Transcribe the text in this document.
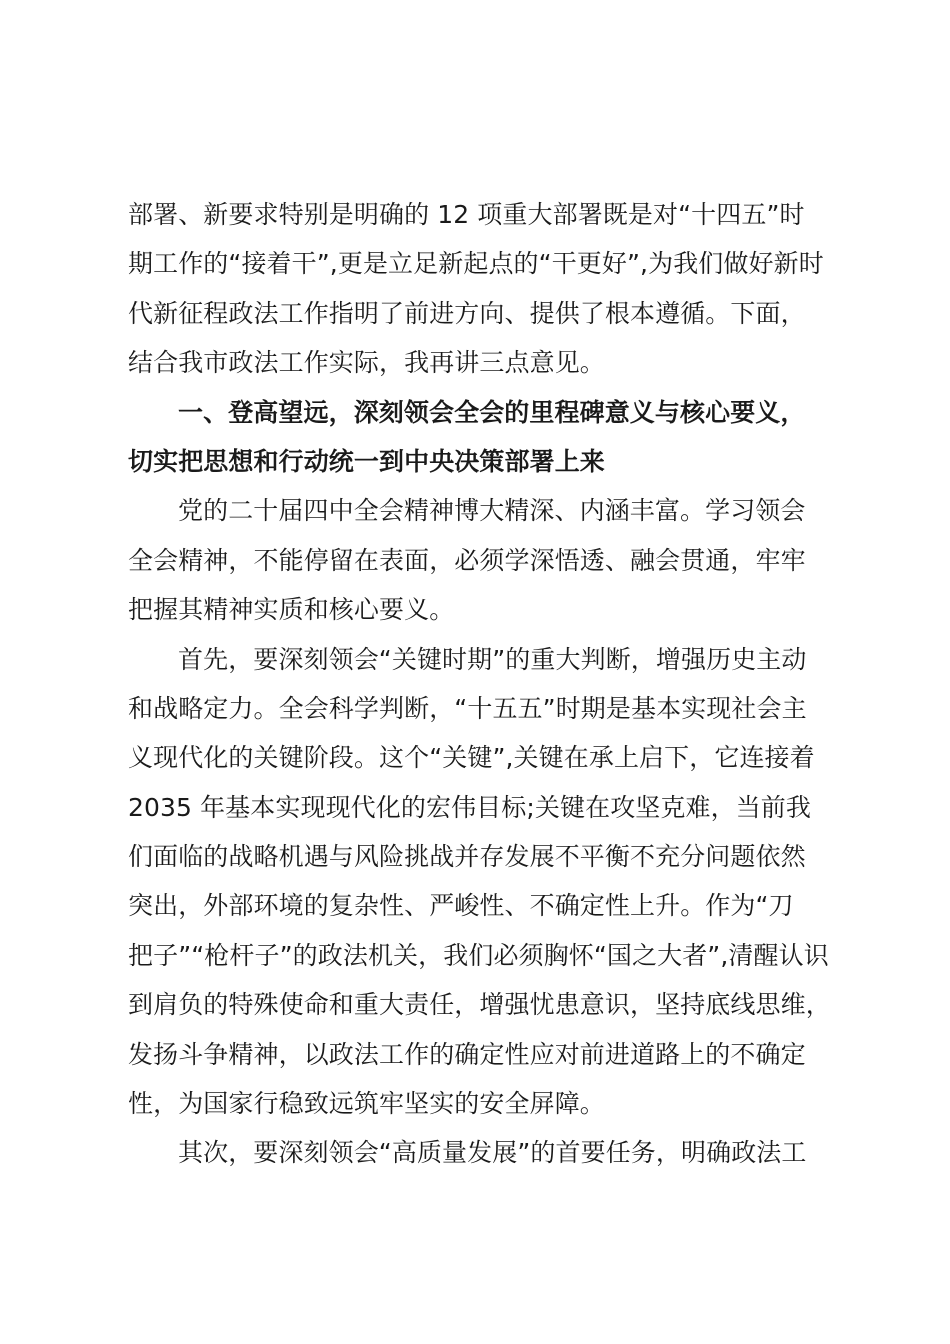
部署、新要求特别是明确的 12 项重大部署既是对“十四五”时
期工作的“接着干”,更是立足新起点的“干更好”,为我们做好新时
代新征程政法工作指明了前进方向、提供了根本遵循。下面，
结合我市政法工作实际，我再讲三点意见。
一、登高望远，深刻领会全会的里程碑意义与核心要义，
切实把思想和行动统一到中央决策部署上来
党的二十届四中全会精神博大精深、内涵丰富。学习领会
全会精神，不能停留在表面，必须学深悟透、融会贯通，牢牢
把握其精神实质和核心要义。
首先，要深刻领会“关键时期”的重大判断，增强历史主动
和战略定力。全会科学判断，“十五五”时期是基本实现社会主
义现代化的关键阶段。这个“关键”,关键在承上启下，它连接着
2035 年基本实现现代化的宏伟目标;关键在攻坚克难，当前我
们面临的战略机遇与风险挑战并存发展不平衡不充分问题依然
突出，外部环境的复杂性、严峻性、不确定性上升。作为“刀
把子”“枪杆子”的政法机关，我们必须胸怀“国之大者”,清醒认识
到肩负的特殊使命和重大责任，增强忧患意识，坚持底线思维，
发扬斗争精神，以政法工作的确定性应对前进道路上的不确定
性，为国家行稳致远筑牢坚实的安全屏障。
其次，要深刻领会“高质量发展”的首要任务，明确政法工
